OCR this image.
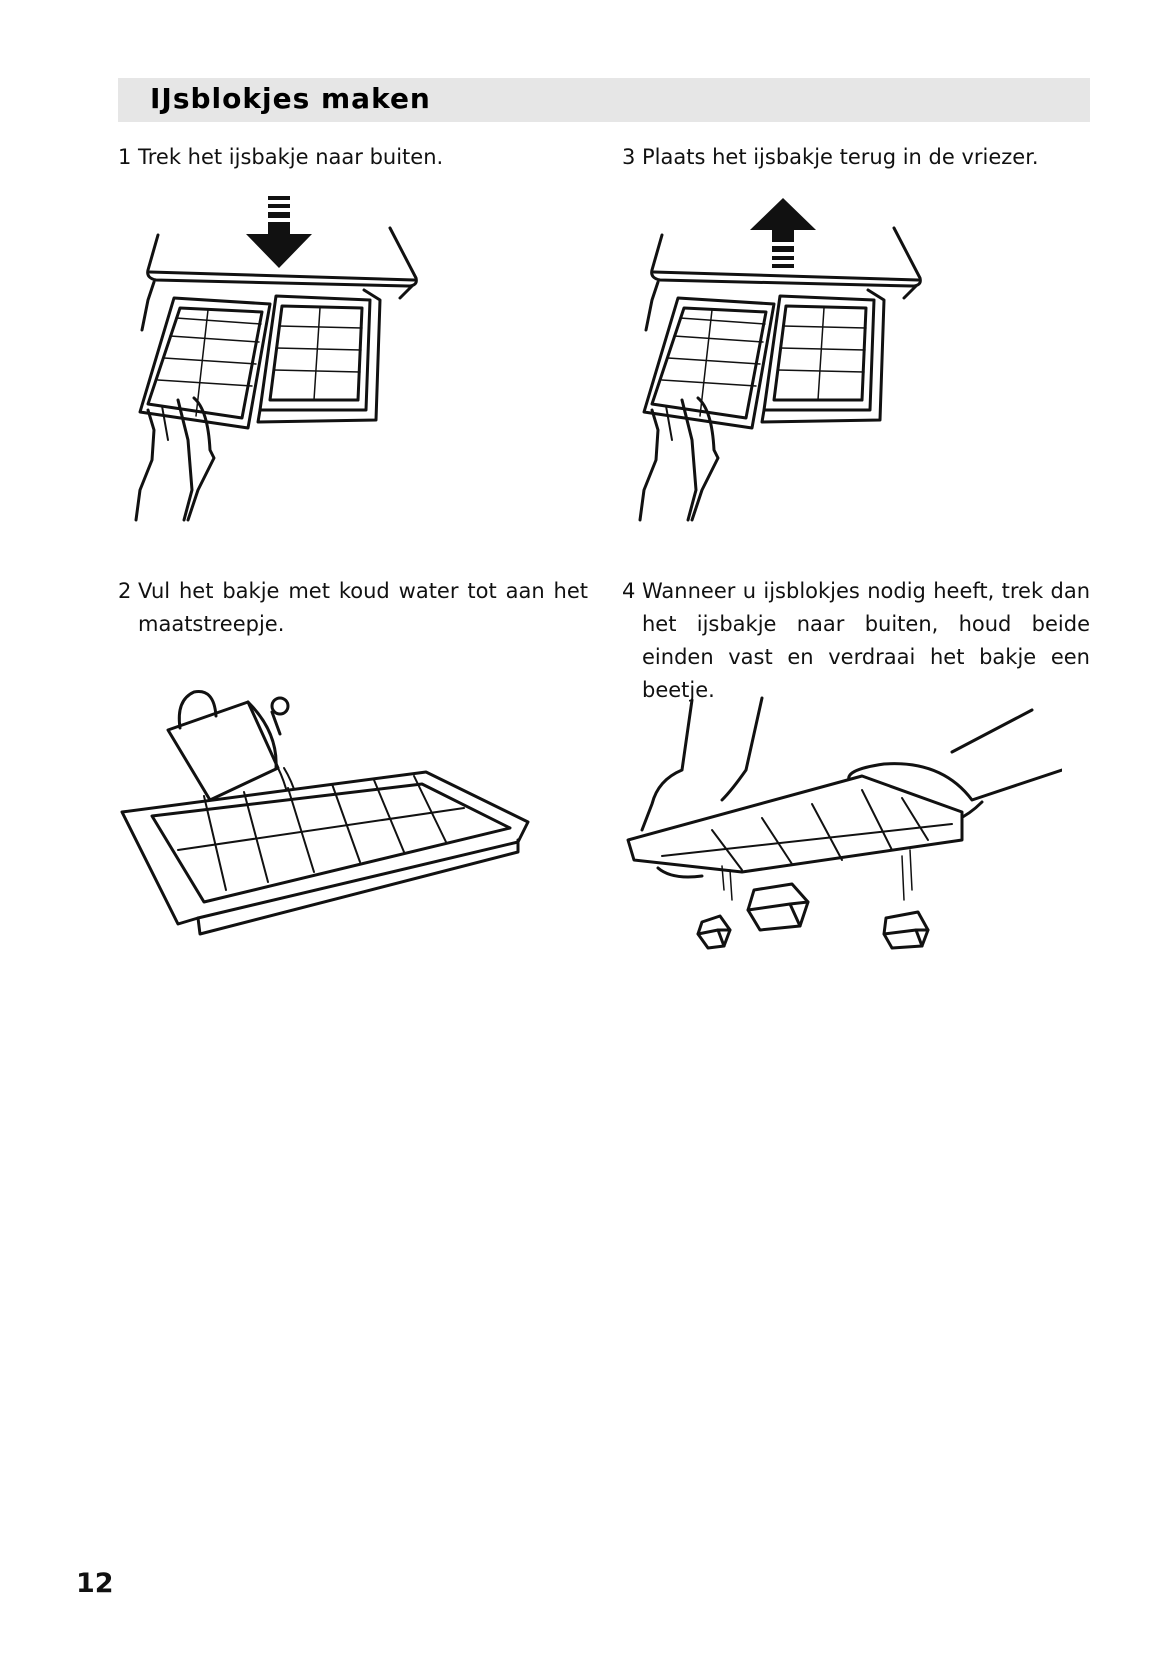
IJsblokjes maken
1 Trek het ijsbakje naar buiten.	3 Plaats het ijsbakje terug in de vriezer.
2 Vul het bakje met koud water tot aan het maatstreepje.
4 Wanneer u ijsblokjes nodig heeft, trek dan het ijsbakje naar buiten, houd beide einden vast en verdraai het bakje een beetje.
12
